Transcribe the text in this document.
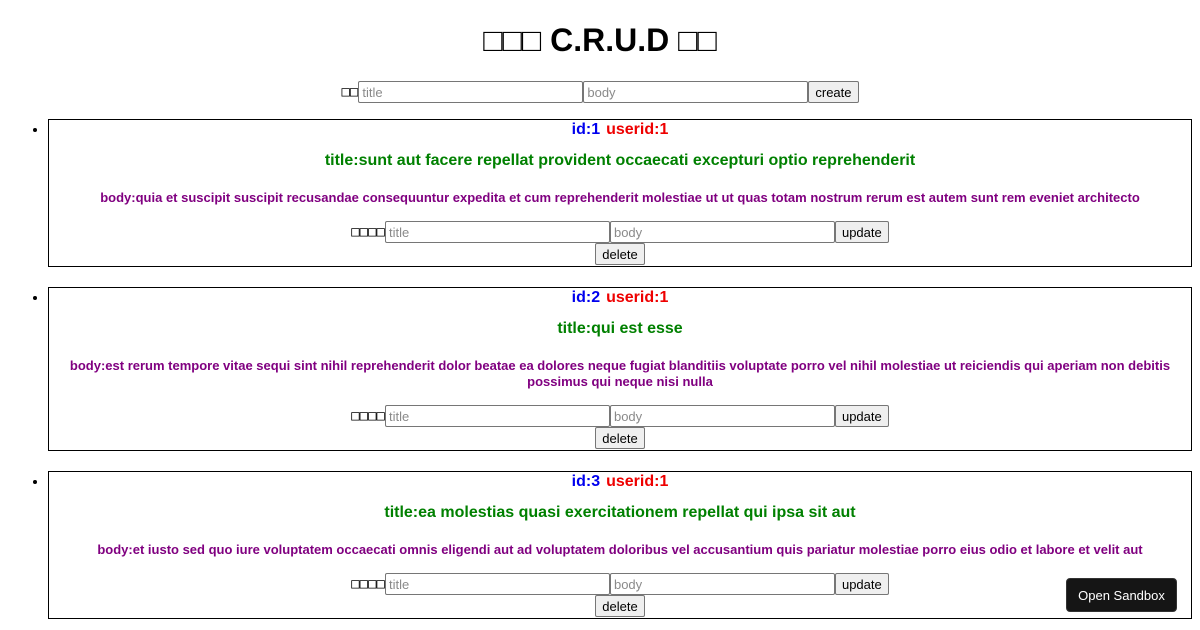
□□□ C.R.U.D □□
□□
title
body	create
• id:1 userid:1

title:sunt aut facere repellat provident occaecati excepturi optio reprehenderit

body:quia et suscipit suscipit recusandae consequuntur expedita et cum reprehenderit molestiae ut ut quas totam nostrum rerum est autem sunt rem eveniet architecto

□□□□
title
body	update
delete
• id:2 userid:1

title:qui est esse

body:est rerum tempore vitae sequi sint nihil reprehenderit dolor beatae ea dolores neque fugiat blanditiis voluptate porro vel nihil molestiae ut reiciendis qui aperiam non debitis possimus qui neque nisi nulla

□□□□
title
body	update
delete
• id:3 userid:1

title:ea molestias quasi exercitationem repellat qui ipsa sit aut

body:et iusto sed quo iure voluptatem occaecati omnis eligendi aut ad voluptatem doloribus vel accusantium quis pariatur molestiae porro eius odio et labore et velit aut

□□□□
title
body	update
delete
Open Sandbox
